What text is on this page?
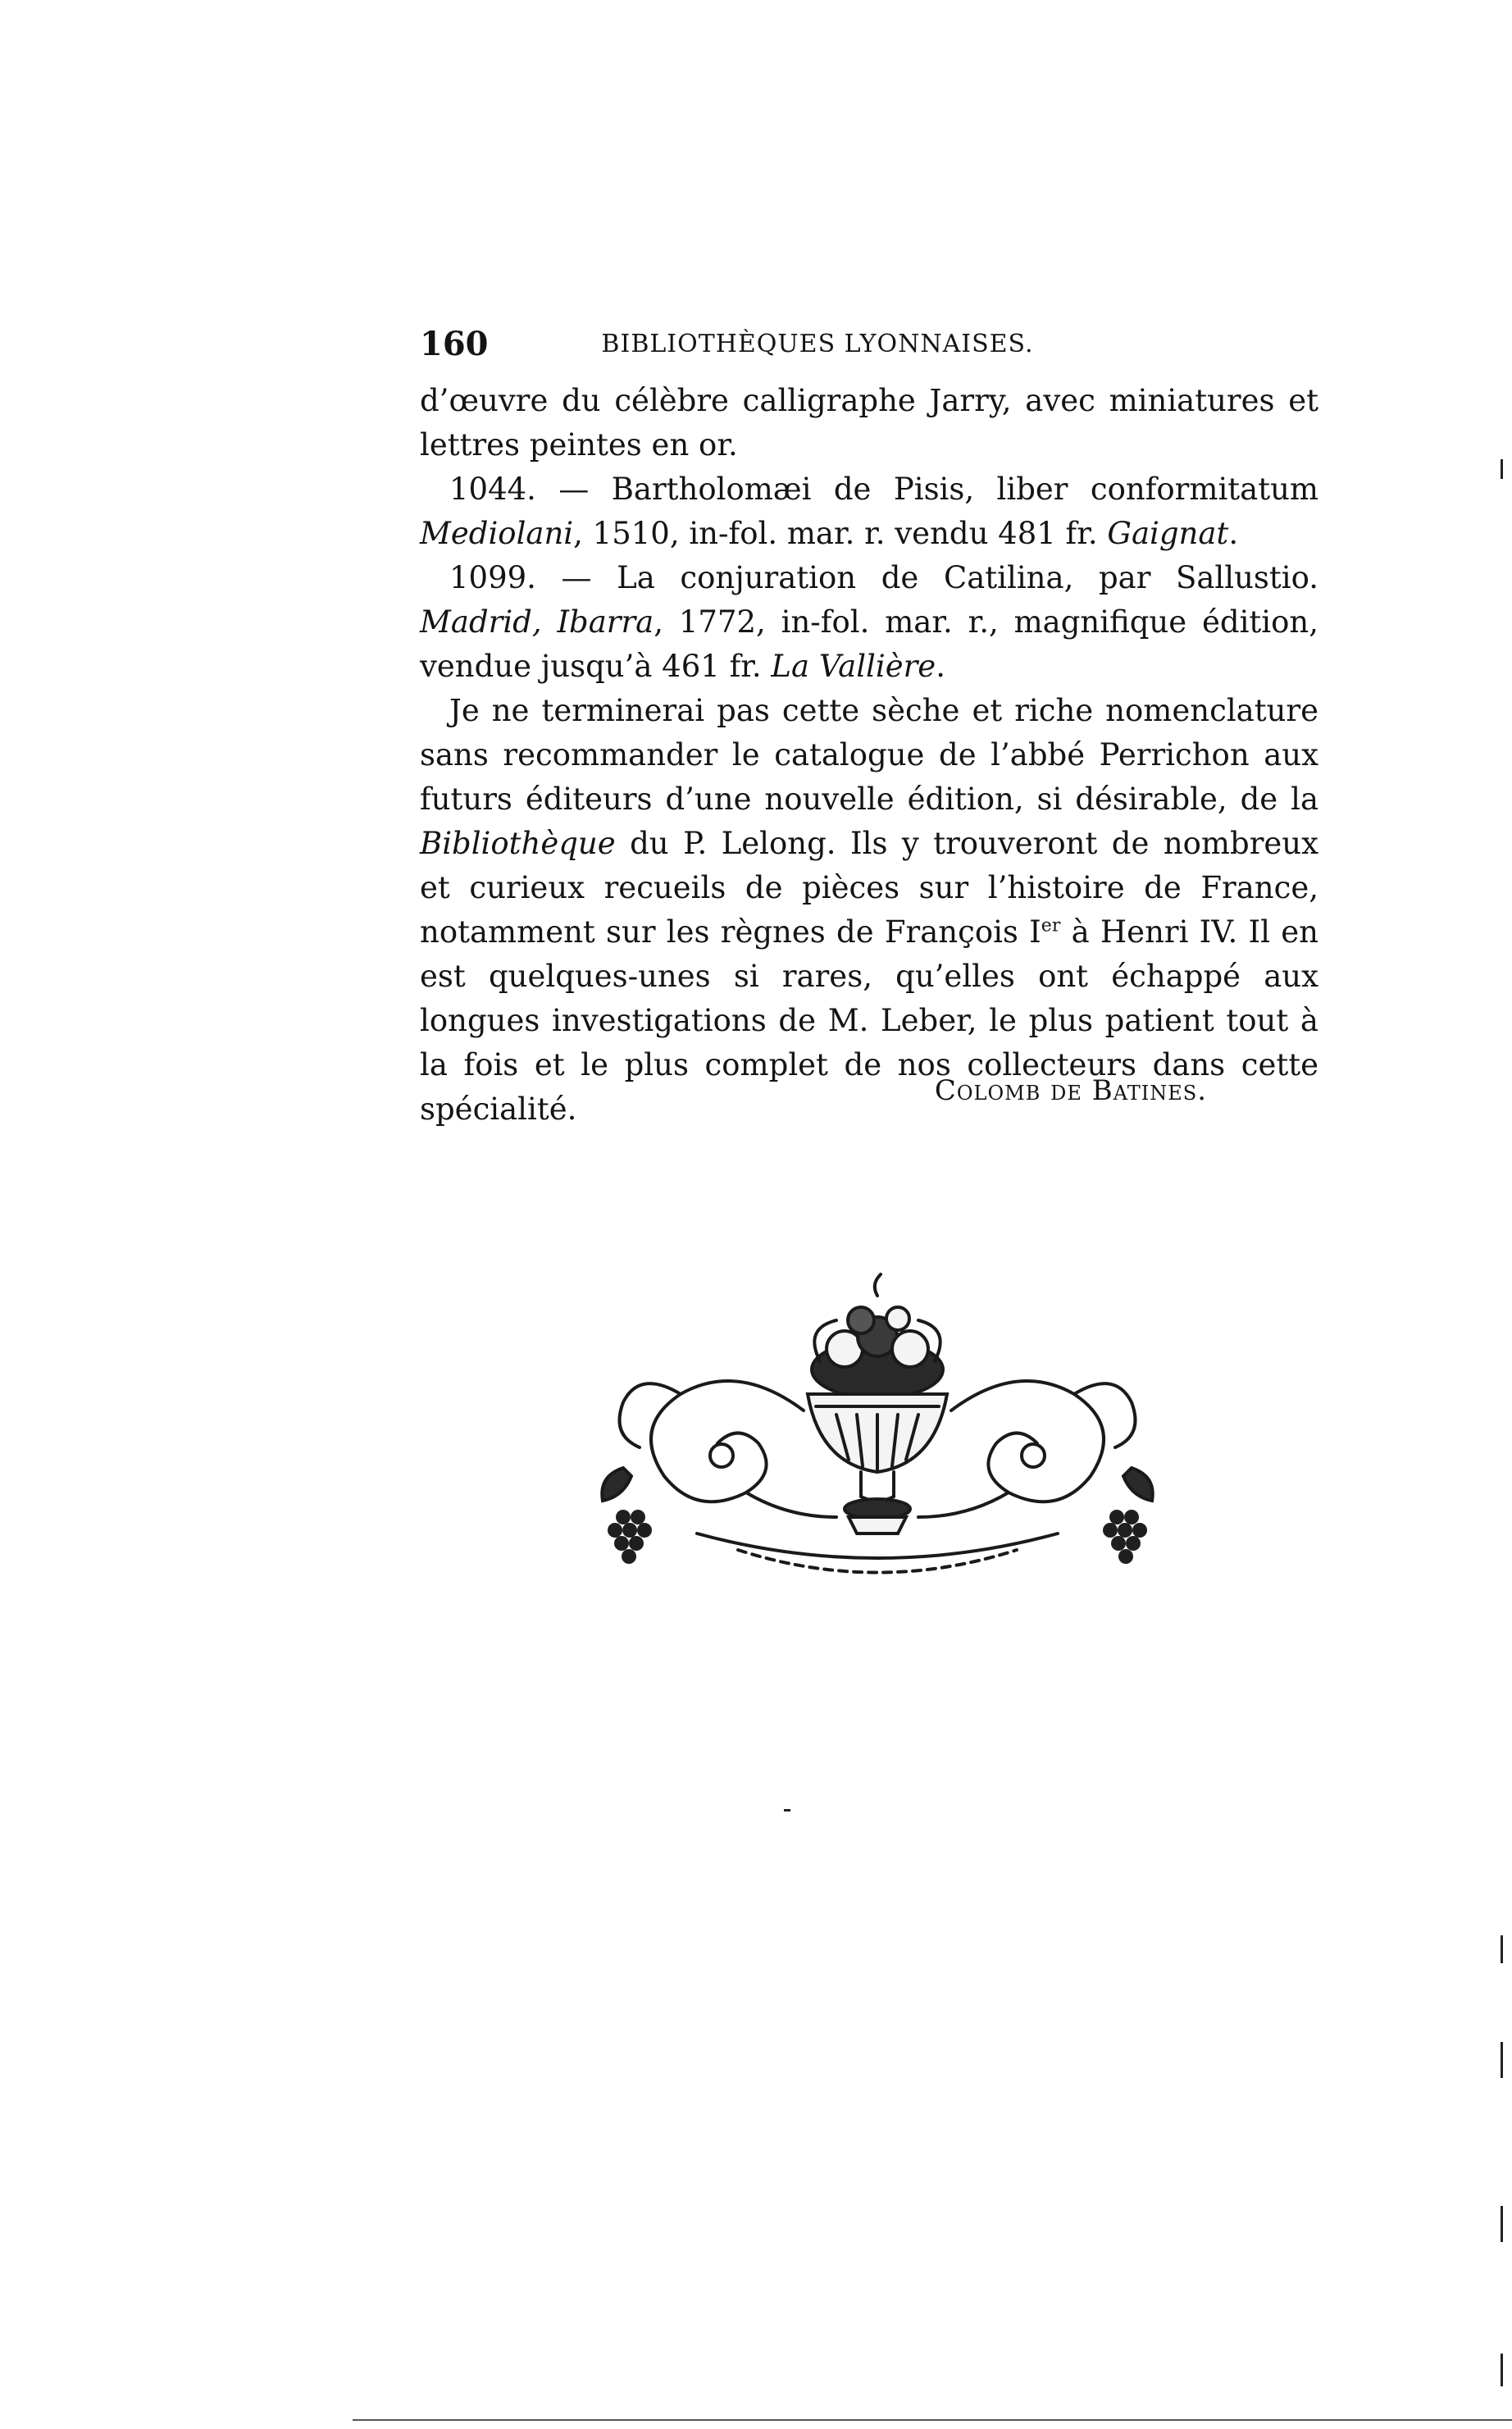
160	BIBLIOTHÈQUES LYONNAISES.

d’œuvre du célèbre calligraphe Jarry, avec miniatures et lettres peintes en or.

1044. — Bartholomæi de Pisis, liber conformitatum Mediolani, 1510, in-fol. mar. r. vendu 481 fr. Gaignat.

1099. — La conjuration de Catilina, par Sallustio. Madrid, Ibarra, 1772, in-fol. mar. r., magnifique édition, vendue jusqu’à 461 fr. La Vallière.

Je ne terminerai pas cette sèche et riche nomenclature sans recommander le catalogue de l’abbé Perrichon aux futurs éditeurs d’une nouvelle édition, si désirable, de la Bibliothèque du P. Lelong. Ils y trouveront de nombreux et curieux recueils de pièces sur l’histoire de France, notamment sur les règnes de François Ier à Henri IV. Il en est quelques-unes si rares, qu’elles ont échappé aux longues investigations de M. Leber, le plus patient tout à la fois et le plus complet de nos collecteurs dans cette spécialité.

Colomb de Batines.
